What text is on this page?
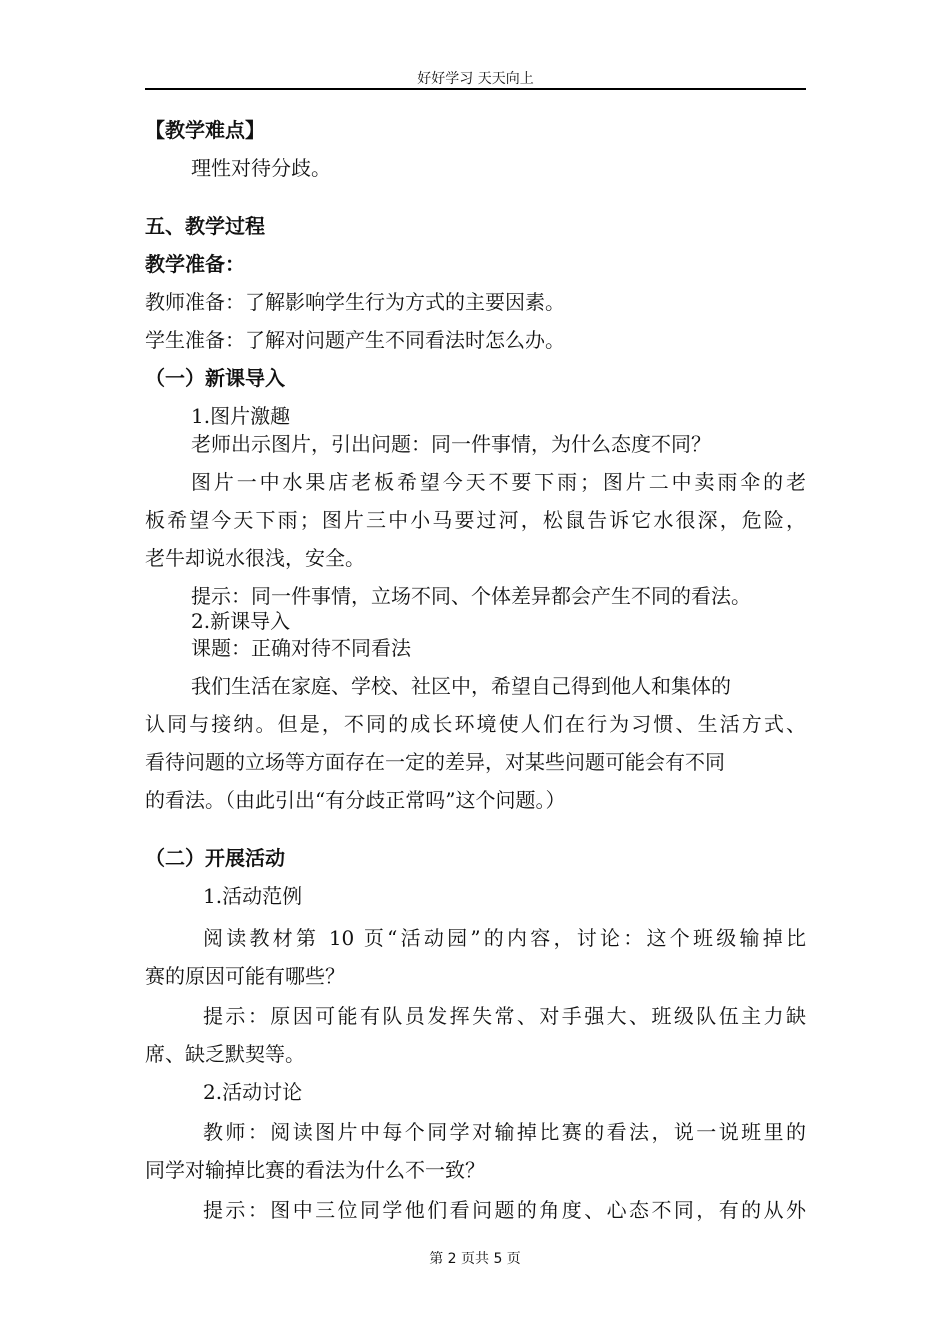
好好学习 天天向上
【教学难点】
理性对待分歧。
五、教学过程
教学准备：
教师准备：了解影响学生行为方式的主要因素。
学生准备：了解对问题产生不同看法时怎么办。
（一）新课导入
1.图片激趣
老师出示图片，引出问题：同一件事情，为什么态度不同？
图片一中水果店老板希望今天不要下雨；图片二中卖雨伞的老
板希望今天下雨；图片三中小马要过河，松鼠告诉它水很深，危险，
老牛却说水很浅，安全。
提示：同一件事情，立场不同、个体差异都会产生不同的看法。
2.新课导入
课题：正确对待不同看法
我们生活在家庭、学校、社区中，希望自己得到他人和集体的
认同与接纳。但是，不同的成长环境使人们在行为习惯、生活方式、
看待问题的立场等方面存在一定的差异，对某些问题可能会有不同
的看法。（由此引出“有分歧正常吗”这个问题。）
（二）开展活动
1.活动范例
阅读教材第 10 页“活动园”的内容，讨论：这个班级输掉比
赛的原因可能有哪些？
提示：原因可能有队员发挥失常、对手强大、班级队伍主力缺
席、缺乏默契等。
2.活动讨论
教师：阅读图片中每个同学对输掉比赛的看法，说一说班里的
同学对输掉比赛的看法为什么不一致？
提示：图中三位同学他们看问题的角度、心态不同，有的从外
第 2 页共 5 页
